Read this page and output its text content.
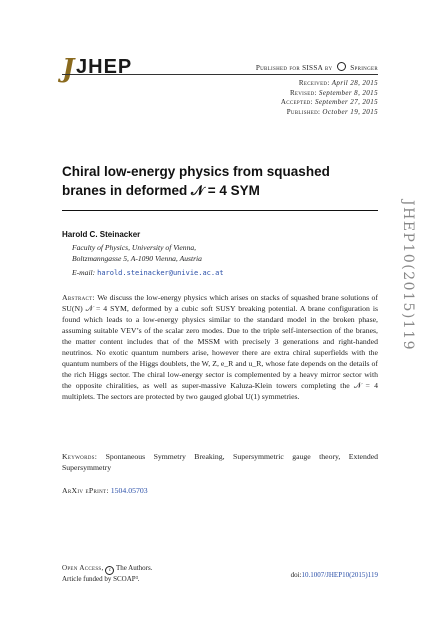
J JHEP	Published for SISSA by Springer
Received: April 28, 2015
Revised: September 8, 2015
Accepted: September 27, 2015
Published: October 19, 2015
JHEP10(2015)119
Chiral low-energy physics from squashed branes in deformed 𝒩 = 4 SYM
Harold C. Steinacker
Faculty of Physics, University of Vienna,
Boltzmanngasse 5, A-1090 Vienna, Austria
E-mail: harold.steinacker@univie.ac.at
Abstract: We discuss the low-energy physics which arises on stacks of squashed brane solutions of SU(N) 𝒩 = 4 SYM, deformed by a cubic soft SUSY breaking potential. A brane configuration is found which leads to a low-energy physics similar to the standard model in the broken phase, assuming suitable VEV’s of the scalar zero modes. Due to the triple self-intersection of the branes, the matter content includes that of the MSSM with precisely 3 generations and right-handed neutrinos. No exotic quantum numbers arise, however there are extra chiral superfields with the quantum numbers of the Higgs doublets, the W, Z, e_R and u_R, whose fate depends on the details of the rich Higgs sector. The chiral low-energy sector is complemented by a heavy mirror sector with the opposite chiralities, as well as super-massive Kaluza-Klein towers completing the 𝒩 = 4 multiplets. The sectors are protected by two gauged global U(1) symmetries.
Keywords: Spontaneous Symmetry Breaking, Supersymmetric gauge theory, Extended Supersymmetry
ArXiv ePrint: 1504.05703
Open Access, c The Authors.
Article funded by SCOAP³.	doi:10.1007/JHEP10(2015)119
